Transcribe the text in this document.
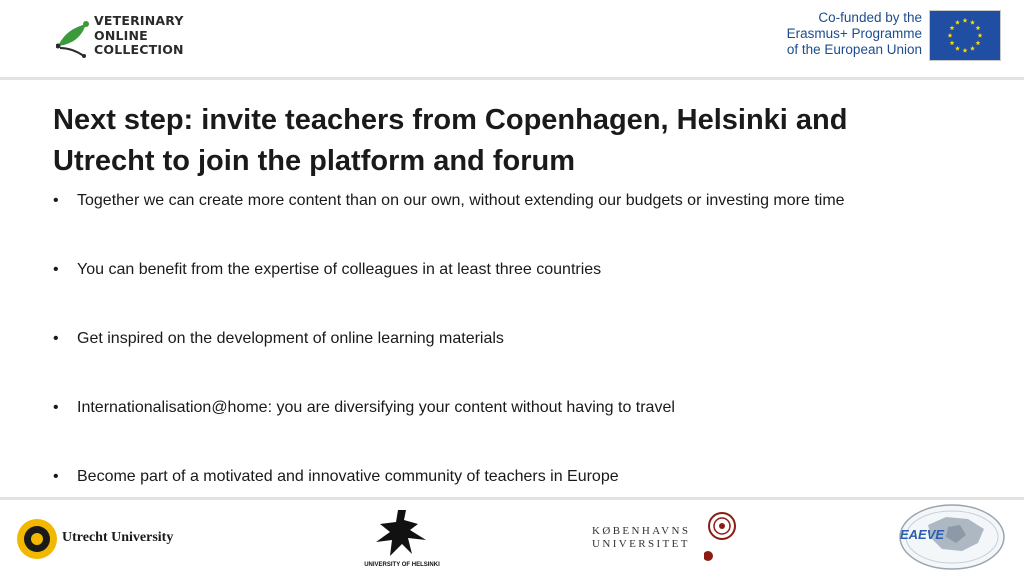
VETERINARY
ONLINE
COLLECTION
Co-funded by the
Erasmus+ Programme
of the European Union
Next step: invite teachers from Copenhagen, Helsinki and Utrecht to join the platform and forum
• Together we can create more content than on our own, without extending our budgets or investing more time
• You can benefit from the expertise of colleagues in at least three countries
• Get inspired on the development of online learning materials
• Internationalisation@home: you are diversifying your content without having to travel
• Become part of a motivated and innovative community of teachers in Europe
Utrecht University
UNIVERSITY OF HELSINKI
KØBENHAVNS
UNIVERSITET
EAEVE
